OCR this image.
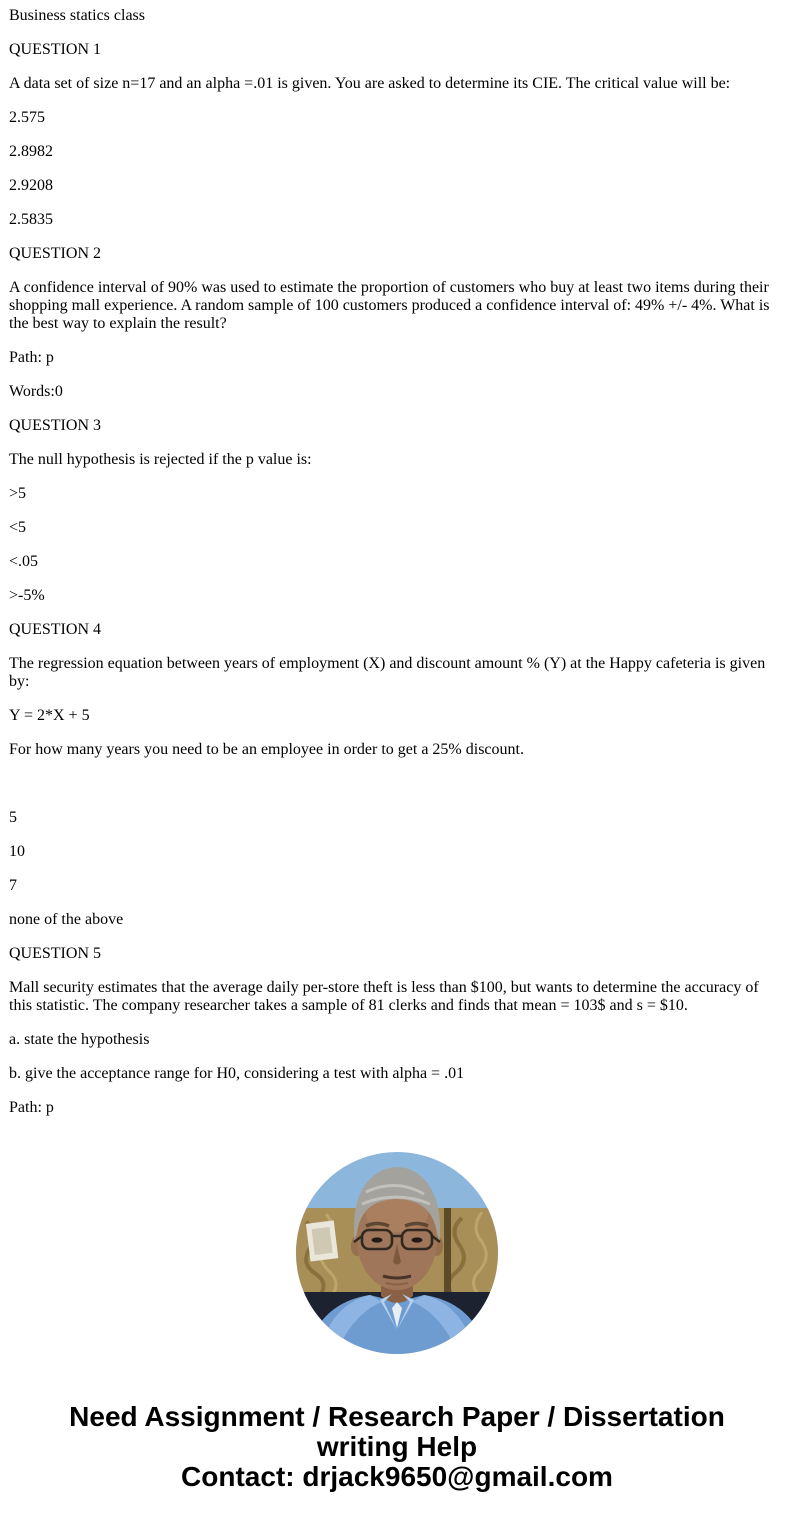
Business statics class

QUESTION 1

A data set of size n=17 and an alpha =.01 is given. You are asked to determine its CIE. The critical value will be:

2.575

2.8982

2.9208

2.5835

QUESTION 2

A confidence interval of 90% was used to estimate the proportion of customers who buy at least two items during their shopping mall experience. A random sample of 100 customers produced a confidence interval of: 49% +/- 4%. What is the best way to explain the result?

Path: p

Words:0

QUESTION 3

The null hypothesis is rejected if the p value is:

>5

<5

<.05

>-5%

QUESTION 4

The regression equation between years of employment (X) and discount amount % (Y) at the Happy cafeteria is given by:

Y = 2*X + 5

For how many years you need to be an employee in order to get a 25% discount.

5

10

7

none of the above

QUESTION 5

Mall security estimates that the average daily per-store theft is less than $100, but wants to determine the accuracy of this statistic. The company researcher takes a sample of 81 clerks and finds that mean = 103$ and s = $10.

a. state the hypothesis

b. give the acceptance range for H0, considering a test with alpha = .01

Path: p

Need Assignment / Research Paper / Dissertation
writing Help
Contact: drjack9650@gmail.com
